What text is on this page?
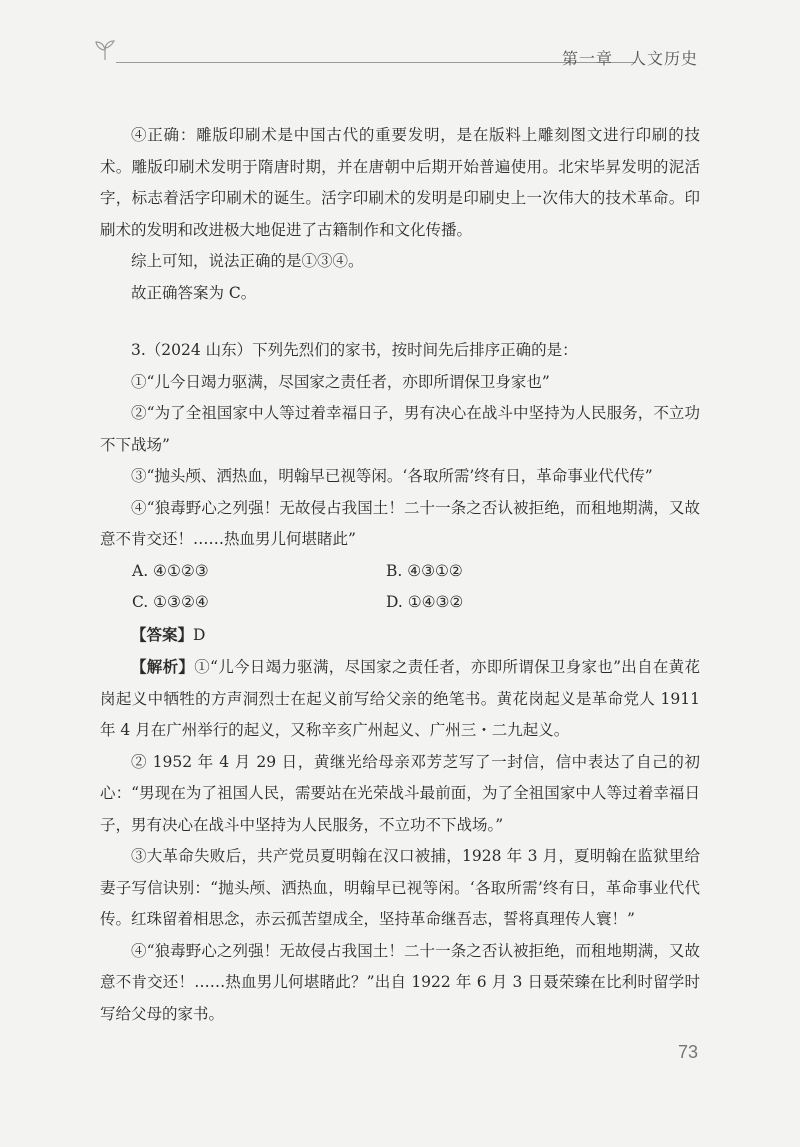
第一章　人文历史

④正确：雕版印刷术是中国古代的重要发明，是在版料上雕刻图文进行印刷的技术。雕版印刷术发明于隋唐时期，并在唐朝中后期开始普遍使用。北宋毕昇发明的泥活字，标志着活字印刷术的诞生。活字印刷术的发明是印刷史上一次伟大的技术革命。印刷术的发明和改进极大地促进了古籍制作和文化传播。

综上可知，说法正确的是①③④。

故正确答案为 C。

3.（2024 山东）下列先烈们的家书，按时间先后排序正确的是：

①“儿今日竭力驱满，尽国家之责任者，亦即所谓保卫身家也”

②“为了全祖国家中人等过着幸福日子，男有决心在战斗中坚持为人民服务，不立功不下战场”

③“抛头颅、洒热血，明翰早已视等闲。‘各取所需’终有日，革命事业代代传”

④“狼毒野心之列强！无故侵占我国土！二十一条之否认被拒绝，而租地期满，又故意不肯交还！……热血男儿何堪睹此”

A. ④①②③	B. ④③①②
C. ①③②④	D. ①④③②

【答案】D

【解析】①“儿今日竭力驱满，尽国家之责任者，亦即所谓保卫身家也”出自在黄花岗起义中牺牲的方声洞烈士在起义前写给父亲的绝笔书。黄花岗起义是革命党人 1911 年 4 月在广州举行的起义，又称辛亥广州起义、广州三・二九起义。

② 1952 年 4 月 29 日，黄继光给母亲邓芳芝写了一封信，信中表达了自己的初心：“男现在为了祖国人民，需要站在光荣战斗最前面，为了全祖国家中人等过着幸福日子，男有决心在战斗中坚持为人民服务，不立功不下战场。”

③大革命失败后，共产党员夏明翰在汉口被捕，1928 年 3 月，夏明翰在监狱里给妻子写信诀别：“抛头颅、洒热血，明翰早已视等闲。‘各取所需’终有日，革命事业代代传。红珠留着相思念，赤云孤苦望成全，坚持革命继吾志，誓将真理传人寰！”

④“狼毒野心之列强！无故侵占我国土！二十一条之否认被拒绝，而租地期满，又故意不肯交还！……热血男儿何堪睹此？”出自 1922 年 6 月 3 日聂荣臻在比利时留学时写给父母的家书。

73
